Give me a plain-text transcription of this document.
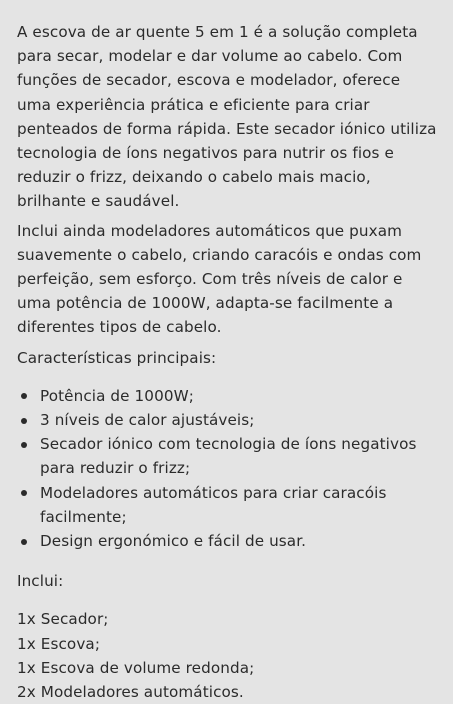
A escova de ar quente 5 em 1 é a solução completa para secar, modelar e dar volume ao cabelo. Com funções de secador, escova e modelador, oferece uma experiência prática e eficiente para criar penteados de forma rápida. Este secador iónico utiliza tecnologia de íons negativos para nutrir os fios e reduzir o frizz, deixando o cabelo mais macio, brilhante e saudável.

Inclui ainda modeladores automáticos que puxam suavemente o cabelo, criando caracóis e ondas com perfeição, sem esforço. Com três níveis de calor e uma potência de 1000W, adapta-se facilmente a diferentes tipos de cabelo.

Características principais:

Potência de 1000W;
3 níveis de calor ajustáveis;
Secador iónico com tecnologia de íons negativos para reduzir o frizz;
Modeladores automáticos para criar caracóis facilmente;
Design ergonómico e fácil de usar.

Inclui:

1x Secador;
1x Escova;
1x Escova de volume redonda;
2x Modeladores automáticos.
